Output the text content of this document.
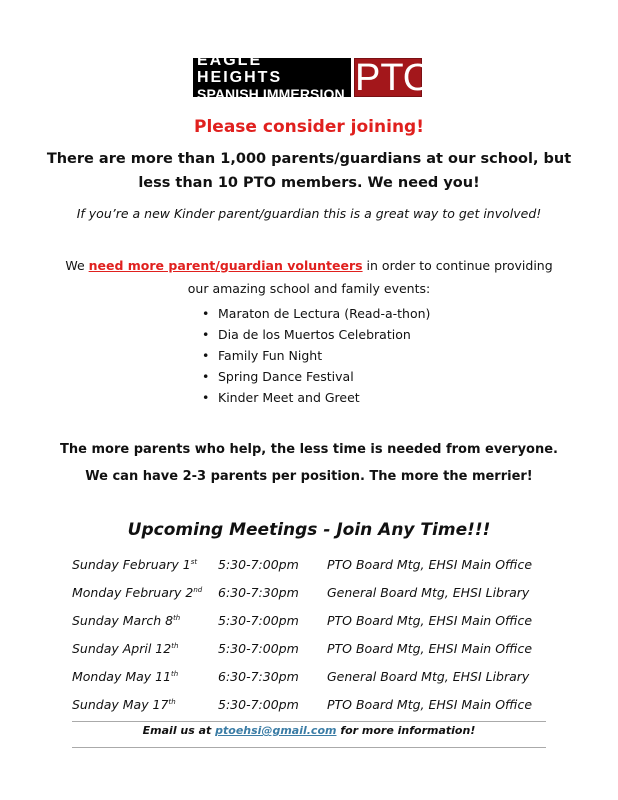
EAGLE HEIGHTS
SPANISH IMMERSION PTO
Please consider joining!
There are more than 1,000 parents/guardians at our school, but
less than 10 PTO members. We need you!
If you’re a new Kinder parent/guardian this is a great way to get involved!
We need more parent/guardian volunteers in order to continue providing
our amazing school and family events:
• Maraton de Lectura (Read-a-thon)
• Dia de los Muertos Celebration
• Family Fun Night
• Spring Dance Festival
• Kinder Meet and Greet
The more parents who help, the less time is needed from everyone.
We can have 2-3 parents per position. The more the merrier!
Upcoming Meetings - Join Any Time!!!
Sunday February 1st 5:30-7:00pm PTO Board Mtg, EHSI Main Office
Monday February 2nd 6:30-7:30pm General Board Mtg, EHSI Library
Sunday March 8th	5:30-7:00pm PTO Board Mtg, EHSI Main Office
Sunday April 12th	5:30-7:00pm PTO Board Mtg, EHSI Main Office
Monday May 11th	6:30-7:30pm General Board Mtg, EHSI Library
Sunday May 17th	5:30-7:00pm PTO Board Mtg, EHSI Main Office
Email us at ptoehsi@gmail.com for more information!
